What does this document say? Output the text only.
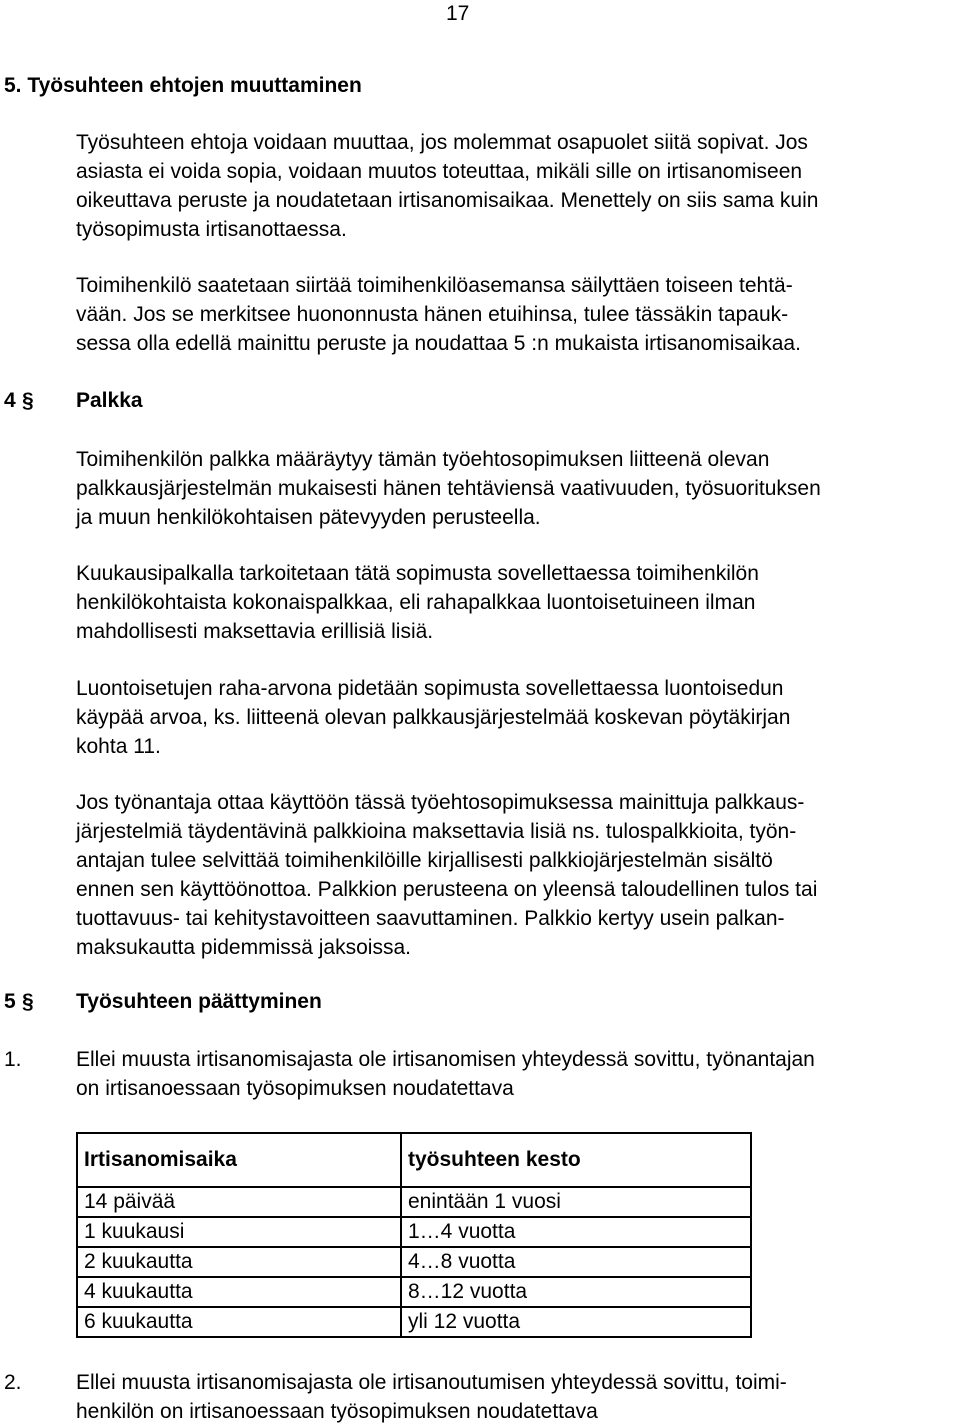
17
5. Työsuhteen ehtojen muuttaminen
Työsuhteen ehtoja voidaan muuttaa, jos molemmat osapuolet siitä sopivat. Jos
asiasta ei voida sopia, voidaan muutos toteuttaa, mikäli sille on irtisanomiseen
oikeuttava peruste ja noudatetaan irtisanomisaikaa. Menettely on siis sama kuin
työsopimusta irtisanottaessa.
Toimihenkilö saatetaan siirtää toimihenkilöasemansa säilyttäen toiseen tehtä-
vään. Jos se merkitsee huononnusta hänen etuihinsa, tulee tässäkin tapauk-
sessa olla edellä mainittu peruste ja noudattaa 5 :n mukaista irtisanomisaikaa.
4 § Palkka
Toimihenkilön palkka määräytyy tämän työehtosopimuksen liitteenä olevan
palkkausjärjestelmän mukaisesti hänen tehtäviensä vaativuuden, työsuorituksen
ja muun henkilökohtaisen pätevyyden perusteella.
Kuukausipalkalla tarkoitetaan tätä sopimusta sovellettaessa toimihenkilön
henkilökohtaista kokonaispalkkaa, eli rahapalkkaa luontoisetuineen ilman
mahdollisesti maksettavia erillisiä lisiä.
Luontoisetujen raha-arvona pidetään sopimusta sovellettaessa luontoisedun
käypää arvoa, ks. liitteenä olevan palkkausjärjestelmää koskevan pöytäkirjan
kohta 11.
Jos työnantaja ottaa käyttöön tässä työehtosopimuksessa mainittuja palkkaus-
järjestelmiä täydentävinä palkkioina maksettavia lisiä ns. tulospalkkioita, työn-
antajan tulee selvittää toimihenkilöille kirjallisesti palkkiojärjestelmän sisältö
ennen sen käyttöönottoa. Palkkion perusteena on yleensä taloudellinen tulos tai
tuottavuus- tai kehitystavoitteen saavuttaminen. Palkkio kertyy usein palkan-
maksukautta pidemmissä jaksoissa.
5 § Työsuhteen päättyminen
1.	Ellei muusta irtisanomisajasta ole irtisanomisen yhteydessä sovittu, työnantajan
on irtisanoessaan työsopimuksen noudatettava
Irtisanomisaika	työsuhteen kesto
14 päivää	enintään 1 vuosi
1 kuukausi	1…4 vuotta
2 kuukautta	4…8 vuotta
4 kuukautta	8…12 vuotta
6 kuukautta	yli 12 vuotta
2.	Ellei muusta irtisanomisajasta ole irtisanoutumisen yhteydessä sovittu, toimi-
henkilön on irtisanoessaan työsopimuksen noudatettava
